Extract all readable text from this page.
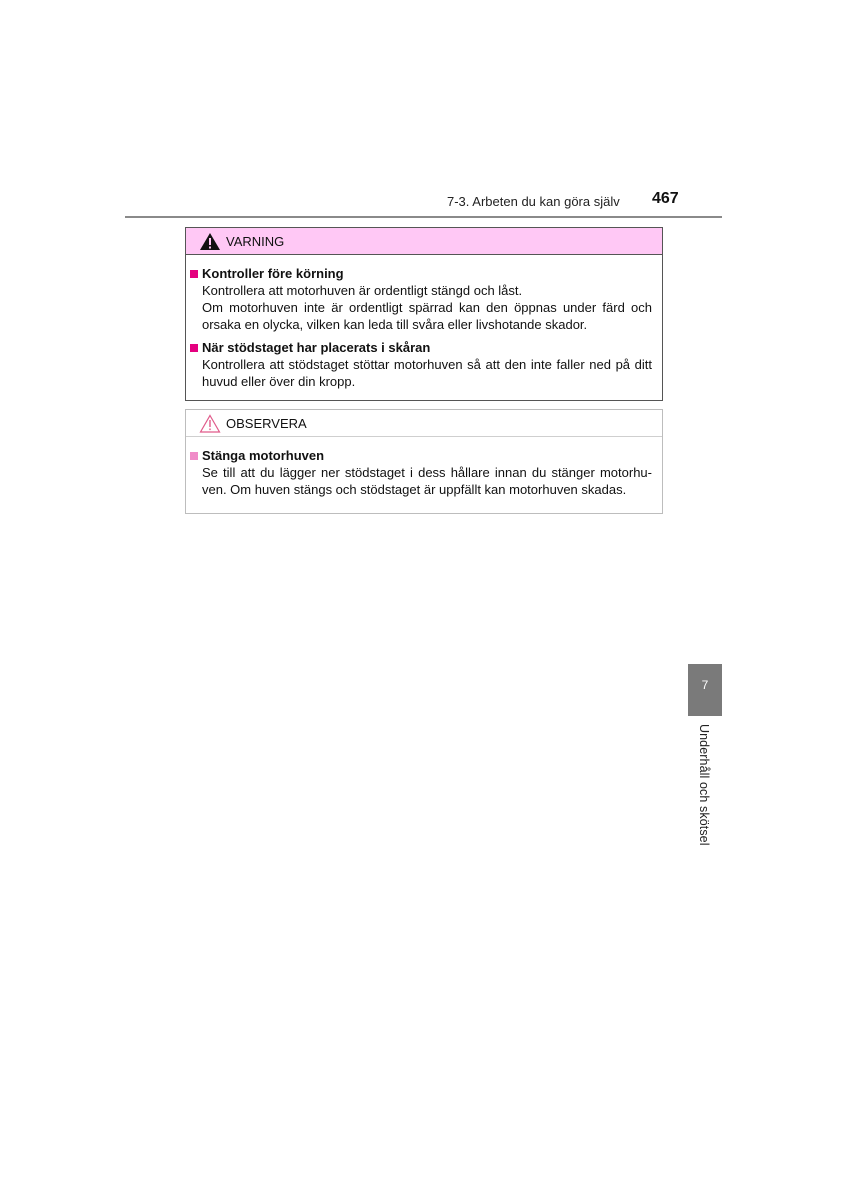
7-3. Arbeten du kan göra själv 467
VARNING
Kontroller före körning

Kontrollera att motorhuven är ordentligt stängd och låst.

Om motorhuven inte är ordentligt spärrad kan den öppnas under färd och orsaka en olycka, vilken kan leda till svåra eller livshotande skador.

När stödstaget har placerats i skåran

Kontrollera att stödstaget stöttar motorhuven så att den inte faller ned på ditt huvud eller över din kropp.

OBSERVERA
Stänga motorhuven

Se till att du lägger ner stödstaget i dess hållare innan du stänger motorhuven. Om huven stängs och stödstaget är uppfällt kan motorhuven skadas.

7
Underhåll och skötsel
